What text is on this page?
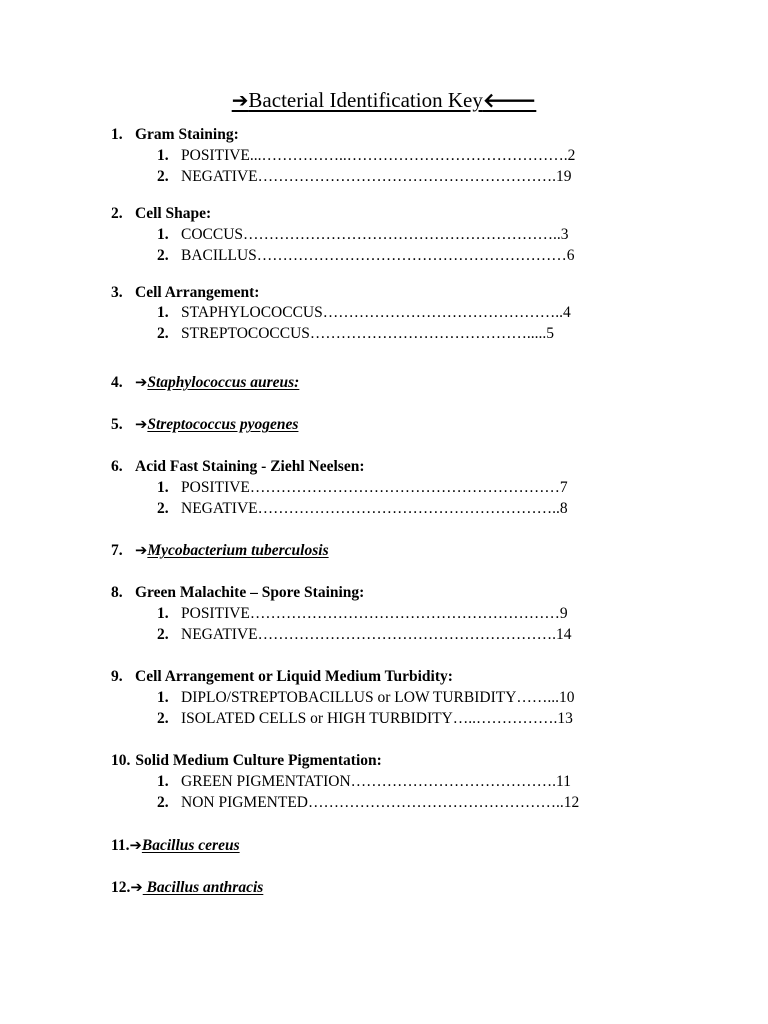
➔Bacterial Identification Key🡐
1. Gram Staining:
1. POSITIVE...……………..…………………………………….2
2. NEGATIVE………………………………………………….19
2. Cell Shape:
1. COCCUS……………………………………………………..3
2. BACILLUS……………………………………………………6
3. Cell Arrangement:
1. STAPHYLOCOCCUS………………………………………..4
2. STREPTOCOCCUS…………………………………….....5
4. ➔Staphylococcus aureus:
5. ➔Streptococcus pyogenes
6. Acid Fast Staining - Ziehl Neelsen:
1. POSITIVE……………………………………………………7
2. NEGATIVE…………………………………………………..8
7. ➔Mycobacterium tuberculosis
8. Green Malachite – Spore Staining:
1. POSITIVE……………………………………………………9
2. NEGATIVE………………………………………………….14
9. Cell Arrangement or Liquid Medium Turbidity:
1. DIPLO/STREPTOBACILLUS or LOW TURBIDITY……...10
2. ISOLATED CELLS or HIGH TURBIDITY…..…………….13
10. Solid Medium Culture Pigmentation:
1. GREEN PIGMENTATION………………………………….11
2. NON PIGMENTED…………………………………………..12
11.➔Bacillus cereus
12.➔ Bacillus anthracis
